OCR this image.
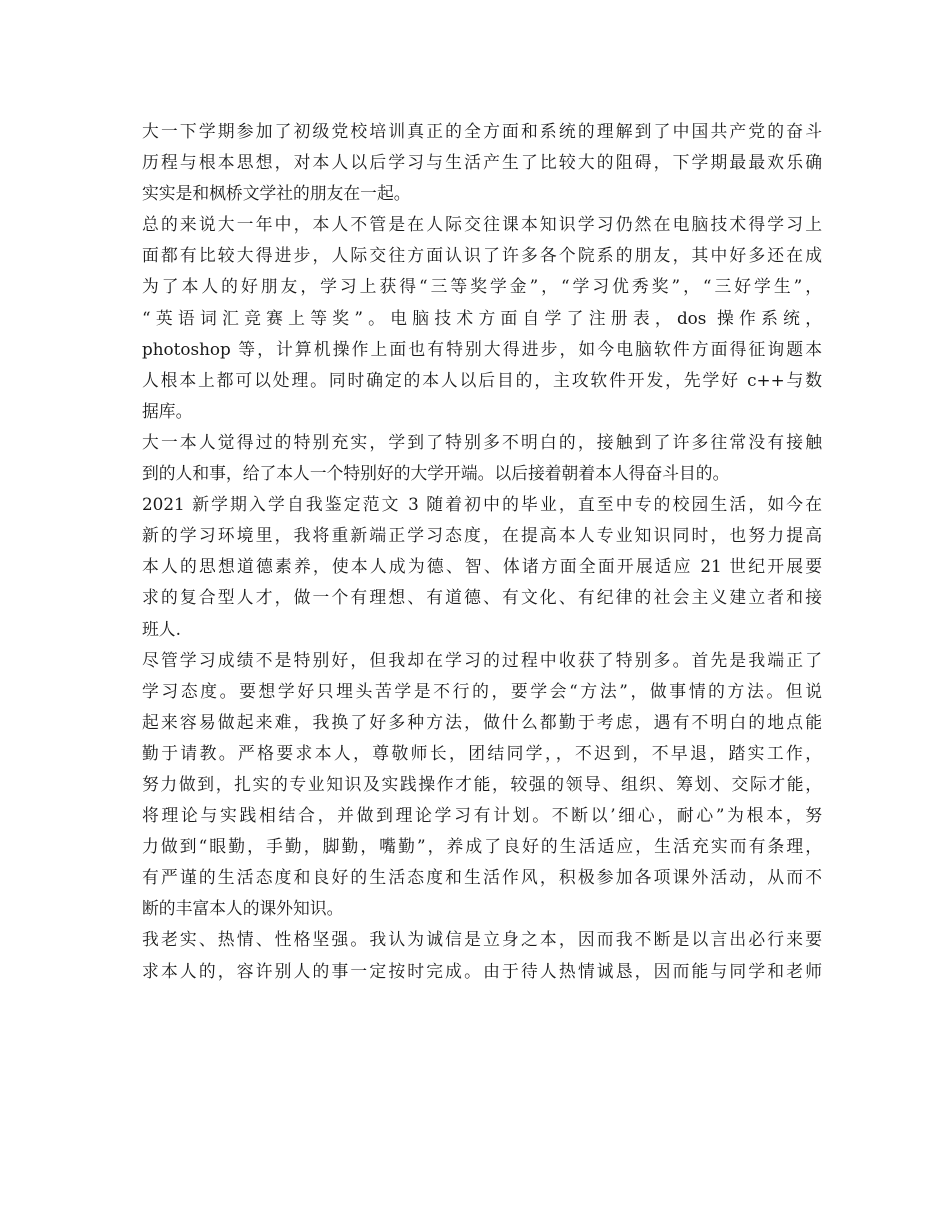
大一下学期参加了初级党校培训真正的全方面和系统的理解到了中国共产党的奋斗
历程与根本思想，对本人以后学习与生活产生了比较大的阻碍，下学期最最欢乐确
实实是和枫桥文学社的朋友在一起。
总的来说大一年中，本人不管是在人际交往课本知识学习仍然在电脑技术得学习上
面都有比较大得进步，人际交往方面认识了许多各个院系的朋友，其中好多还在成
为了本人的好朋友，学习上获得“三等奖学金”，“学习优秀奖”，“三好学生”，
“英语词汇竞赛上等奖”。电脑技术方面自学了注册表，dos 操作系统，
photoshop 等，计算机操作上面也有特别大得进步，如今电脑软件方面得征询题本
人根本上都可以处理。同时确定的本人以后目的，主攻软件开发，先学好 c++与数
据库。
大一本人觉得过的特别充实，学到了特别多不明白的，接触到了许多往常没有接触
到的人和事，给了本人一个特别好的大学开端。以后接着朝着本人得奋斗目的。
2021 新学期入学自我鉴定范文 3 随着初中的毕业，直至中专的校园生活，如今在
新的学习环境里，我将重新端正学习态度，在提高本人专业知识同时，也努力提高
本人的思想道德素养，使本人成为德、智、体诸方面全面开展适应 21 世纪开展要
求的复合型人才，做一个有理想、有道德、有文化、有纪律的社会主义建立者和接
班人.
尽管学习成绩不是特别好，但我却在学习的过程中收获了特别多。首先是我端正了
学习态度。要想学好只埋头苦学是不行的，要学会“方法”，做事情的方法。但说
起来容易做起来难，我换了好多种方法，做什么都勤于考虑，遇有不明白的地点能
勤于请教。严格要求本人，尊敬师长，团结同学，，不迟到，不早退，踏实工作，
努力做到，扎实的专业知识及实践操作才能，较强的领导、组织、筹划、交际才能，
将理论与实践相结合，并做到理论学习有计划。不断以’细心，耐心”为根本，努
力做到“眼勤，手勤，脚勤，嘴勤”，养成了良好的生活适应，生活充实而有条理，
有严谨的生活态度和良好的生活态度和生活作风，积极参加各项课外活动，从而不
断的丰富本人的课外知识。
我老实、热情、性格坚强。我认为诚信是立身之本，因而我不断是以言出必行来要
求本人的，容许别人的事一定按时完成。由于待人热情诚恳，因而能与同学和老师
